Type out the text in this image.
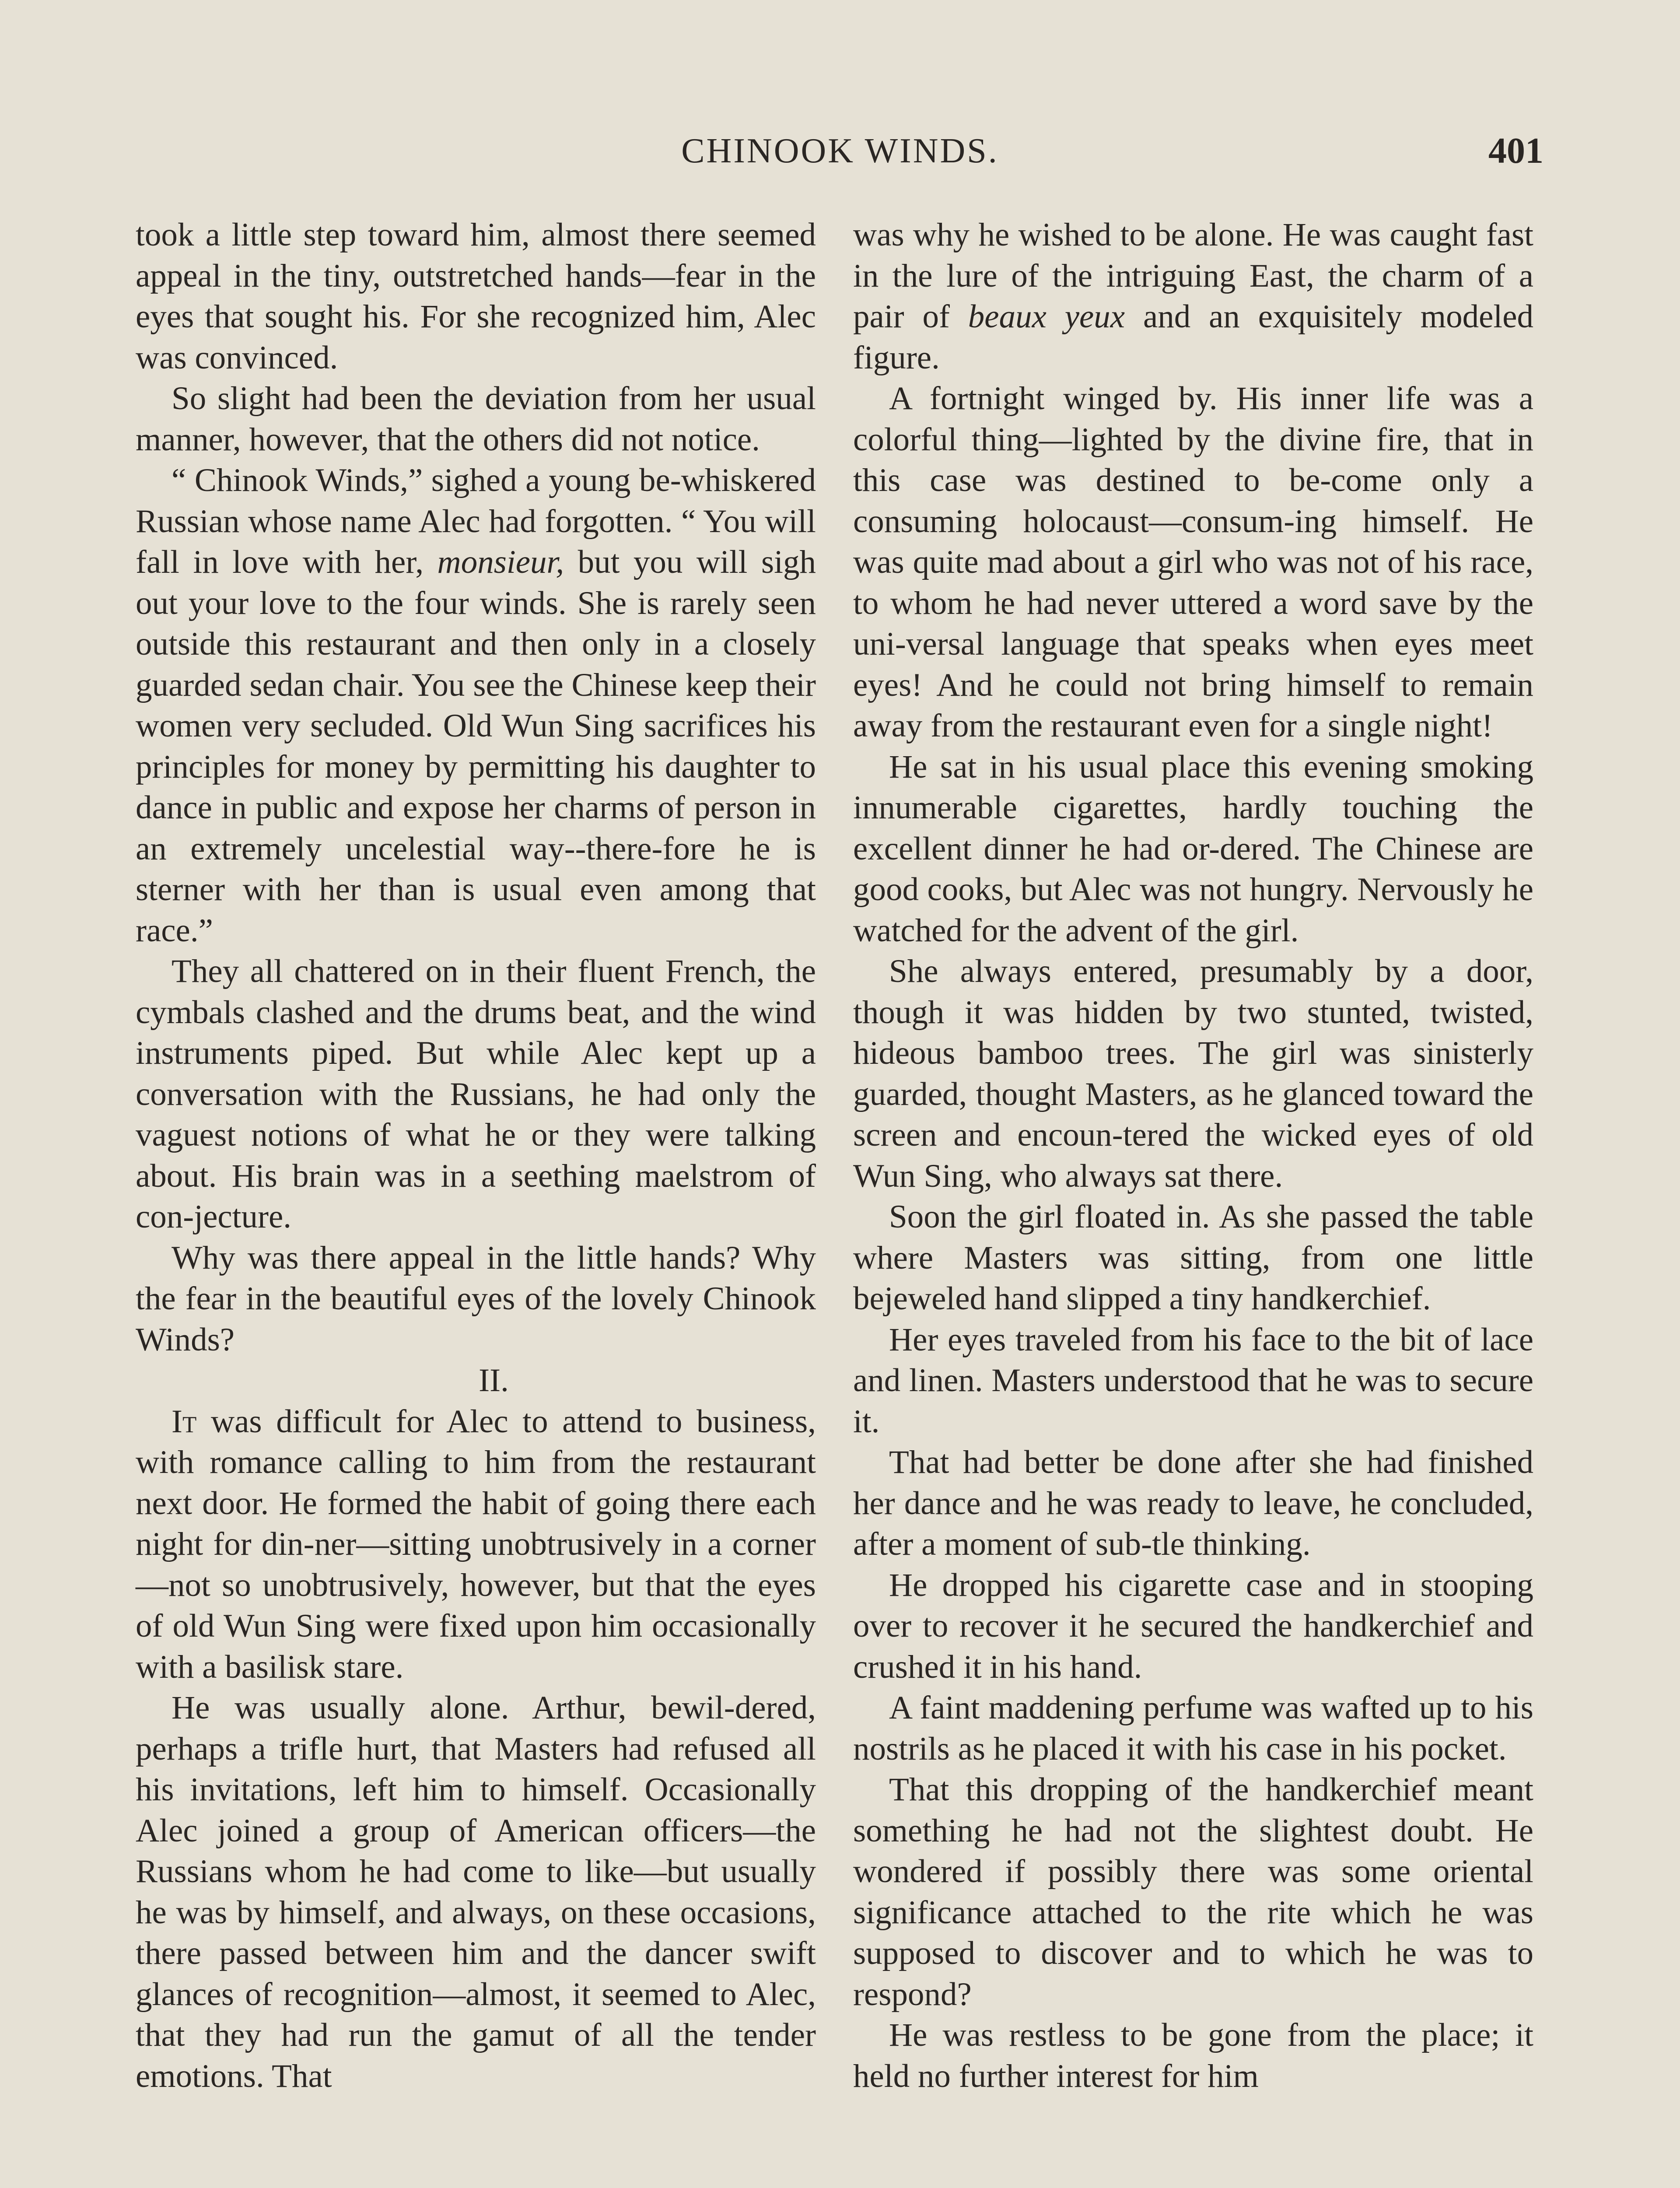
CHINOOK WINDS.	401

took a little step toward him, almost there seemed appeal in the tiny, outstretched hands—fear in the eyes that sought his. For she recognized him, Alec was convinced.

So slight had been the deviation from her usual manner, however, that the others did not notice.

“ Chinook Winds,” sighed a young be-whiskered Russian whose name Alec had forgotten. “ You will fall in love with her, monsieur, but you will sigh out your love to the four winds. She is rarely seen outside this restaurant and then only in a closely guarded sedan chair. You see the Chinese keep their women very secluded. Old Wun Sing sacrifices his principles for money by permitting his daughter to dance in public and expose her charms of person in an extremely uncelestial way--there-fore he is sterner with her than is usual even among that race.”

They all chattered on in their fluent French, the cymbals clashed and the drums beat, and the wind instruments piped. But while Alec kept up a conversation with the Russians, he had only the vaguest notions of what he or they were talking about. His brain was in a seething maelstrom of con-jecture.

Why was there appeal in the little hands? Why the fear in the beautiful eyes of the lovely Chinook Winds?

II.

It was difficult for Alec to attend to business, with romance calling to him from the restaurant next door. He formed the habit of going there each night for din-ner—sitting unobtrusively in a corner—not so unobtrusively, however, but that the eyes of old Wun Sing were fixed upon him occasionally with a basilisk stare.

He was usually alone. Arthur, bewil-dered, perhaps a trifle hurt, that Masters had refused all his invitations, left him to himself. Occasionally Alec joined a group of American officers—the Russians whom he had come to like—but usually he was by himself, and always, on these occasions, there passed between him and the dancer swift glances of recognition—almost, it seemed to Alec, that they had run the gamut of all the tender emotions. That

was why he wished to be alone. He was caught fast in the lure of the intriguing East, the charm of a pair of beaux yeux and an exquisitely modeled figure.

A fortnight winged by. His inner life was a colorful thing—lighted by the divine fire, that in this case was destined to be-come only a consuming holocaust—consum-ing himself. He was quite mad about a girl who was not of his race, to whom he had never uttered a word save by the uni-versal language that speaks when eyes meet eyes! And he could not bring himself to remain away from the restaurant even for a single night!

He sat in his usual place this evening smoking innumerable cigarettes, hardly touching the excellent dinner he had or-dered. The Chinese are good cooks, but Alec was not hungry. Nervously he watched for the advent of the girl.

She always entered, presumably by a door, though it was hidden by two stunted, twisted, hideous bamboo trees. The girl was sinisterly guarded, thought Masters, as he glanced toward the screen and encoun-tered the wicked eyes of old Wun Sing, who always sat there.

Soon the girl floated in. As she passed the table where Masters was sitting, from one little bejeweled hand slipped a tiny handkerchief.

Her eyes traveled from his face to the bit of lace and linen. Masters understood that he was to secure it.

That had better be done after she had finished her dance and he was ready to leave, he concluded, after a moment of sub-tle thinking.

He dropped his cigarette case and in stooping over to recover it he secured the handkerchief and crushed it in his hand.

A faint maddening perfume was wafted up to his nostrils as he placed it with his case in his pocket.

That this dropping of the handkerchief meant something he had not the slightest doubt. He wondered if possibly there was some oriental significance attached to the rite which he was supposed to discover and to which he was to respond?

He was restless to be gone from the place; it held no further interest for him
